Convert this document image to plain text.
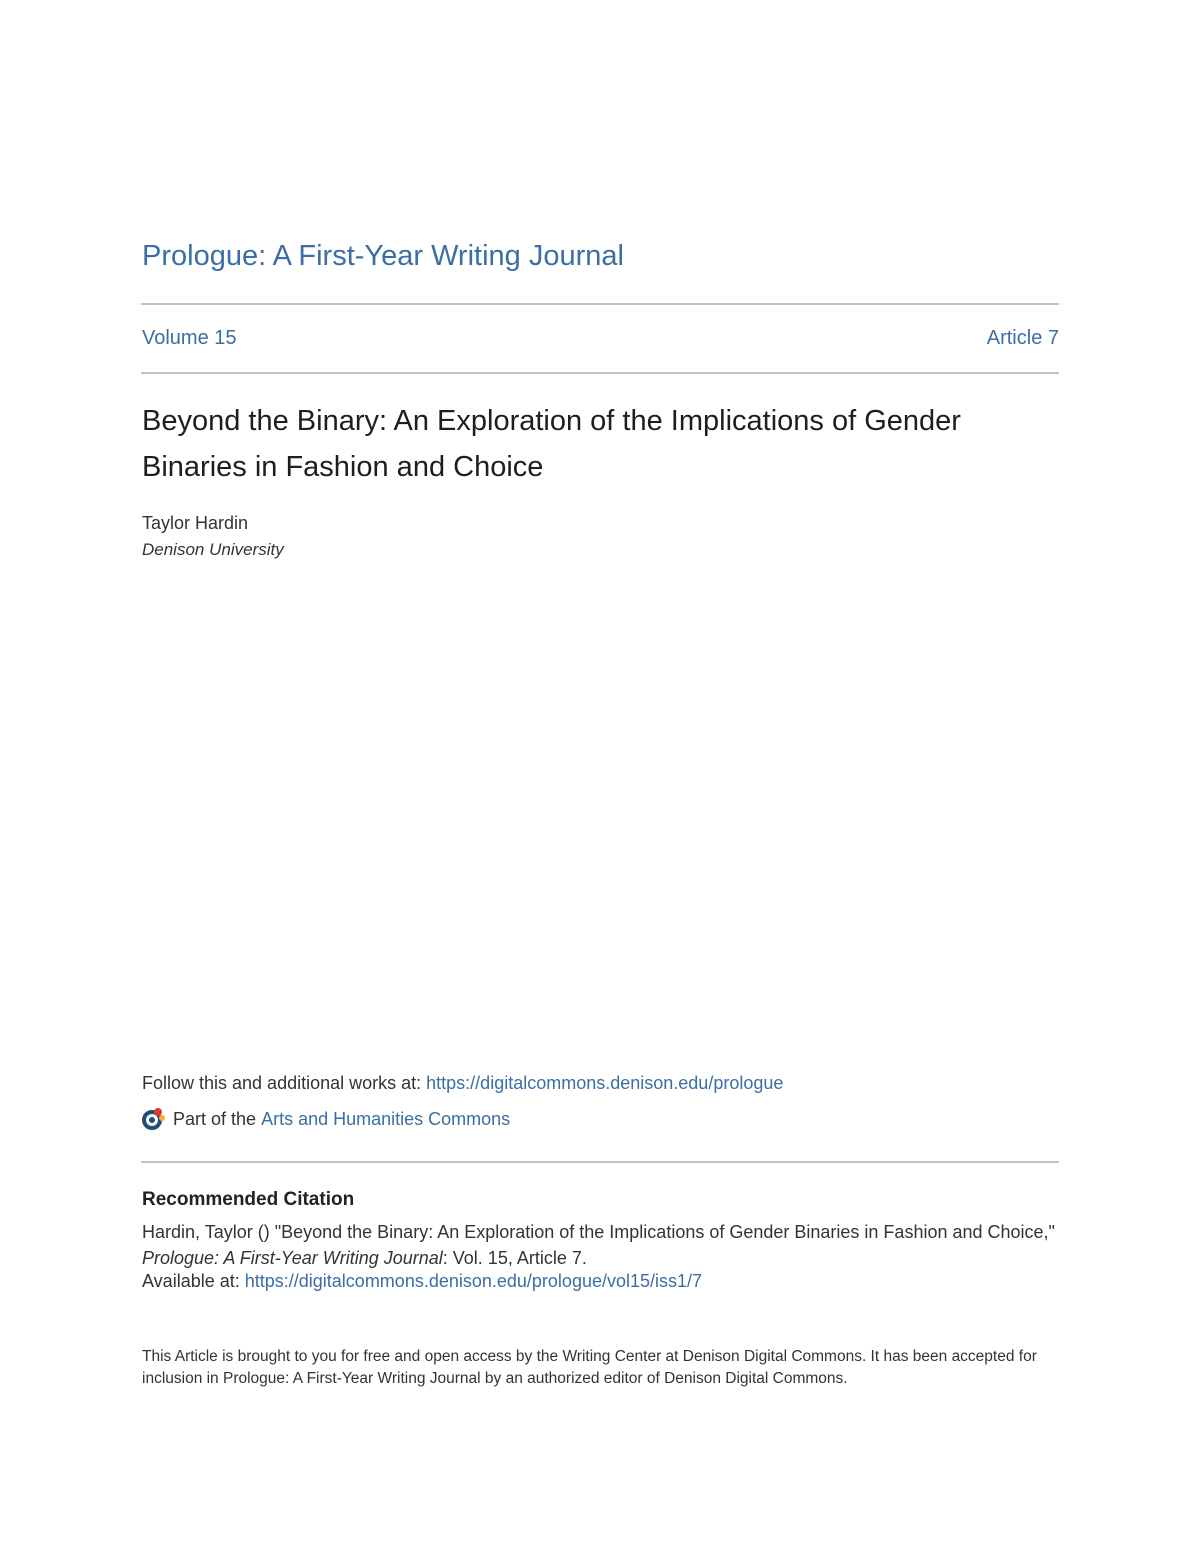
Prologue: A First-Year Writing Journal
Volume 15	Article 7
Beyond the Binary: An Exploration of the Implications of Gender Binaries in Fashion and Choice
Taylor Hardin
Denison University
Follow this and additional works at: https://digitalcommons.denison.edu/prologue
Part of the
Arts and Humanities Commons
Recommended Citation
Hardin, Taylor () "Beyond the Binary: An Exploration of the Implications of Gender Binaries in Fashion and Choice," Prologue: A First-Year Writing Journal: Vol. 15, Article 7.
Available at: https://digitalcommons.denison.edu/prologue/vol15/iss1/7
This Article is brought to you for free and open access by the Writing Center at Denison Digital Commons. It has been accepted for inclusion in Prologue: A First-Year Writing Journal by an authorized editor of Denison Digital Commons.
